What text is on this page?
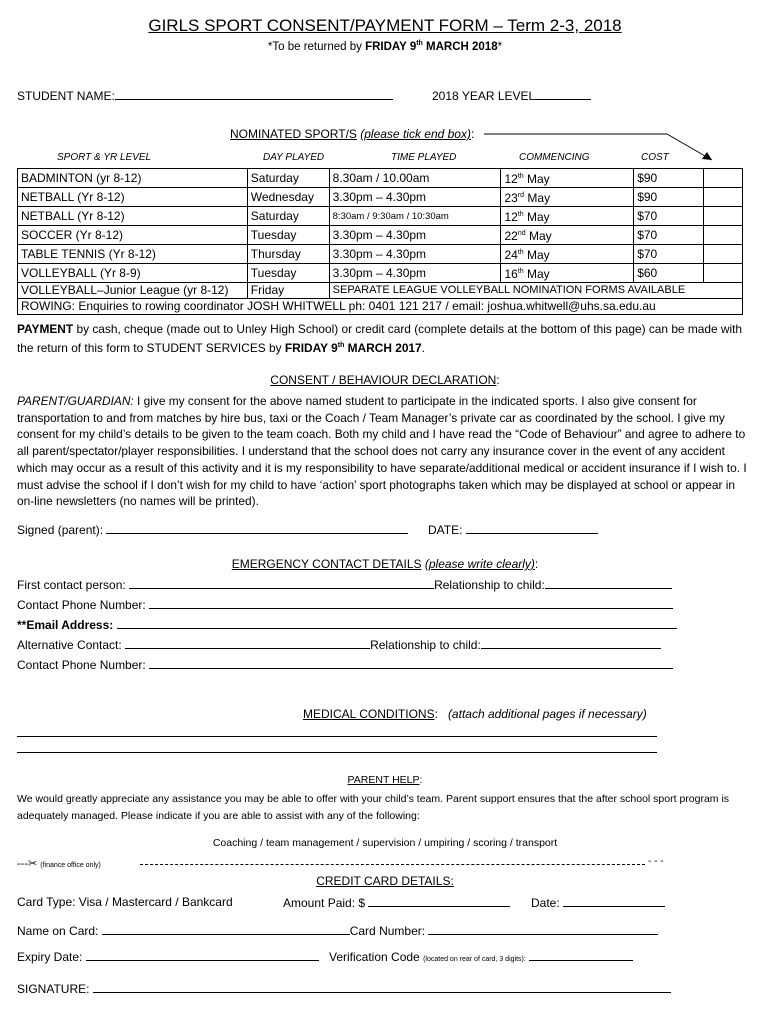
GIRLS SPORT CONSENT/PAYMENT FORM – Term 2-3, 2018
*To be returned by FRIDAY 9th MARCH 2018*
STUDENT NAME:	2018 YEAR LEVEL
NOMINATED SPORT/S (please tick end box):
SPORT & YR LEVEL	DAY PLAYED	TIME PLAYED	COMMENCING	COST
BADMINTON (yr 8-12)	Saturday	8.30am / 10.00am	12th May	$90	
NETBALL (Yr 8-12)	Wednesday	3.30pm – 4.30pm	23rd May	$90	
NETBALL (Yr 8-12)	Saturday	8:30am / 9:30am / 10:30am	12th May	$70	
SOCCER (Yr 8-12)	Tuesday	3.30pm – 4.30pm	22nd May	$70	
TABLE TENNIS (Yr 8-12)	Thursday	3.30pm – 4.30pm	24th May	$70	
VOLLEYBALL (Yr 8-9)	Tuesday	3.30pm – 4.30pm	16th May	$60	
VOLLEYBALL–Junior League (yr 8-12)	Friday	SEPARATE LEAGUE VOLLEYBALL NOMINATION FORMS AVAILABLE			
ROWING: Enquiries to rowing coordinator JOSH WHITWELL ph: 0401 121 217 / email: joshua.whitwell@uhs.sa.edu.au					
PAYMENT by cash, cheque (made out to Unley High School) or credit card (complete details at the bottom of this page) can be made with the return of this form to STUDENT SERVICES by FRIDAY 9th MARCH 2017.
CONSENT / BEHAVIOUR DECLARATION:
PARENT/GUARDIAN: I give my consent for the above named student to participate in the indicated sports. I also give consent for transportation to and from matches by hire bus, taxi or the Coach / Team Manager’s private car as coordinated by the school. I give my consent for my child’s details to be given to the team coach. Both my child and I have read the “Code of Behaviour” and agree to adhere to all parent/spectator/player responsibilities. I understand that the school does not carry any insurance cover in the event of any accident which may occur as a result of this activity and it is my responsibility to have separate/additional medical or accident insurance if I wish to. I must advise the school if I don’t wish for my child to have ‘action’ sport photographs taken which may be displayed at school or appear in on-line newsletters (no names will be printed).
Signed (parent):	DATE:
EMERGENCY CONTACT DETAILS (please write clearly):
First contact person:	Relationship to child:
Contact Phone Number:
**Email Address:
Alternative Contact:	Relationship to child:
Contact Phone Number:
MEDICAL CONDITIONS: (attach additional pages if necessary)
PARENT HELP:
We would greatly appreciate any assistance you may be able to offer with your child’s team. Parent support ensures that the after school sport program is adequately managed. Please indicate if you are able to assist with any of the following:
Coaching / team management / supervision / umpiring / scoring / transport
---✂ (finance office only)	- - -
CREDIT CARD DETAILS:
Card Type: Visa / Mastercard / Bankcard	Amount Paid: $	Date:
Name on Card:	Card Number:
Expiry Date:	Verification Code (located on rear of card, 3 digits):
SIGNATURE:
